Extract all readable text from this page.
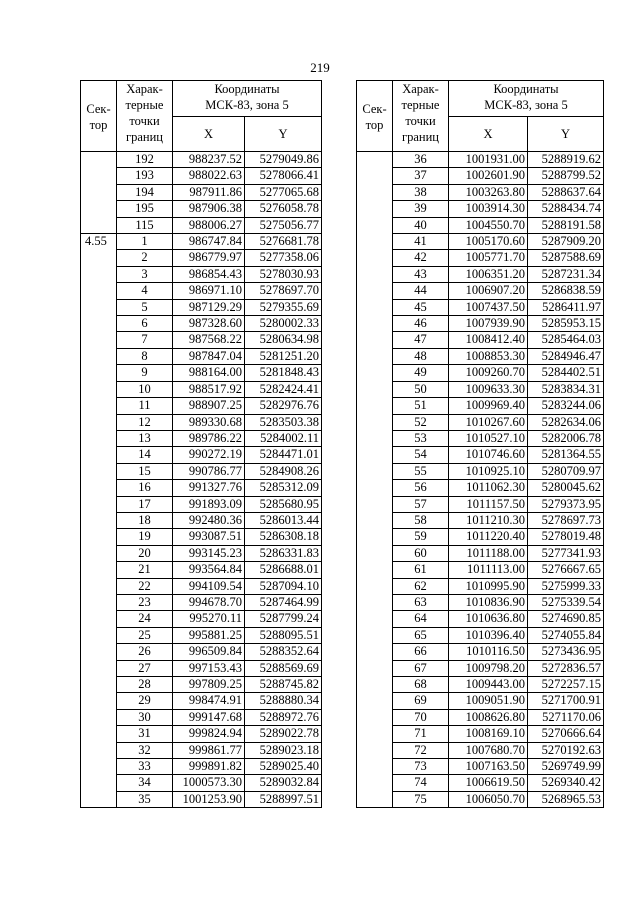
219
Сек-
тор	Харак-
терные
точки
границ	Координаты
МСК-83, зона 5	

		X	Y
	192	988237.52	5279049.86
	193	988022.63	5278066.41
	194	987911.86	5277065.68
	195	987906.38	5276058.78
	115	988006.27	5275056.77
4.55	1	986747.84	5276681.78
	2	986779.97	5277358.06
	3	986854.43	5278030.93
	4	986971.10	5278697.70
	5	987129.29	5279355.69
	6	987328.60	5280002.33
	7	987568.22	5280634.98
	8	987847.04	5281251.20
	9	988164.00	5281848.43
	10	988517.92	5282424.41
	11	988907.25	5282976.76
	12	989330.68	5283503.38
	13	989786.22	5284002.11
	14	990272.19	5284471.01
	15	990786.77	5284908.26
	16	991327.76	5285312.09
	17	991893.09	5285680.95
	18	992480.36	5286013.44
	19	993087.51	5286308.18
	20	993145.23	5286331.83
	21	993564.84	5286688.01
	22	994109.54	5287094.10
	23	994678.70	5287464.99
	24	995270.11	5287799.24
	25	995881.25	5288095.51
	26	996509.84	5288352.64
	27	997153.43	5288569.69
	28	997809.25	5288745.82
	29	998474.91	5288880.34
	30	999147.68	5288972.76
	31	999824.94	5289022.78
	32	999861.77	5289023.18
	33	999891.82	5289025.40
	34	1000573.30	5289032.84
	35	1001253.90	5288997.51
Сек-
тор	Харак-
терные
точки
границ	Координаты
МСК-83, зона 5	

		X	Y
	36	1001931.00	5288919.62
	37	1002601.90	5288799.52
	38	1003263.80	5288637.64
	39	1003914.30	5288434.74
	40	1004550.70	5288191.58
	41	1005170.60	5287909.20
	42	1005771.70	5287588.69
	43	1006351.20	5287231.34
	44	1006907.20	5286838.59
	45	1007437.50	5286411.97
	46	1007939.90	5285953.15
	47	1008412.40	5285464.03
	48	1008853.30	5284946.47
	49	1009260.70	5284402.51
	50	1009633.30	5283834.31
	51	1009969.40	5283244.06
	52	1010267.60	5282634.06
	53	1010527.10	5282006.78
	54	1010746.60	5281364.55
	55	1010925.10	5280709.97
	56	1011062.30	5280045.62
	57	1011157.50	5279373.95
	58	1011210.30	5278697.73
	59	1011220.40	5278019.48
	60	1011188.00	5277341.93
	61	1011113.00	5276667.65
	62	1010995.90	5275999.33
	63	1010836.90	5275339.54
	64	1010636.80	5274690.85
	65	1010396.40	5274055.84
	66	1010116.50	5273436.95
	67	1009798.20	5272836.57
	68	1009443.00	5272257.15
	69	1009051.90	5271700.91
	70	1008626.80	5271170.06
	71	1008169.10	5270666.64
	72	1007680.70	5270192.63
	73	1007163.50	5269749.99
	74	1006619.50	5269340.42
	75	1006050.70	5268965.53
